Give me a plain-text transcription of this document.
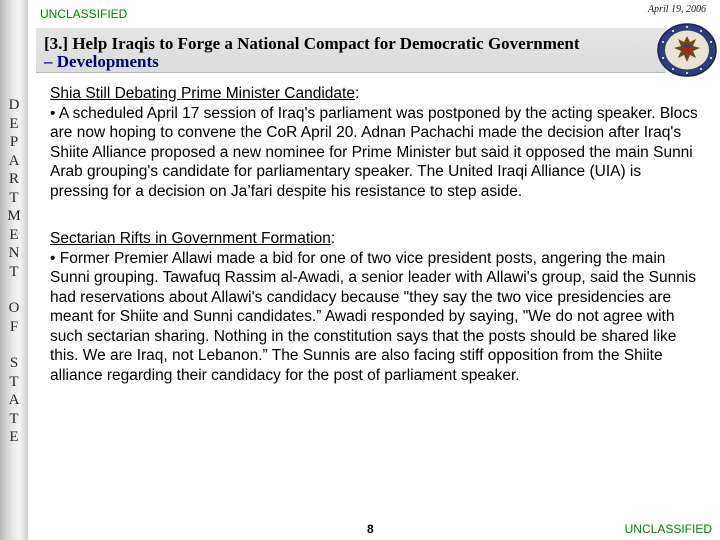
D
E
P
A
R
T
M
E
N
T
O
F
S
T
A
T
E
UNCLASSIFIED	April 19, 2006
[3.] Help Iraqis to Forge a National Compact for Democratic Government
– Developments
Shia Still Debating Prime Minister Candidate:
• A scheduled April 17 session of Iraq's parliament was postponed by the acting speaker. Blocs are now hoping to convene the CoR April 20. Adnan Pachachi made the decision after Iraq's Shiite Alliance proposed a new nominee for Prime Minister but said it opposed the main Sunni Arab grouping's candidate for parliamentary speaker. The United Iraqi Alliance (UIA) is pressing for a decision on Ja’fari despite his resistance to step aside.
Sectarian Rifts in Government Formation:
• Former Premier Allawi made a bid for one of two vice president posts, angering the main Sunni grouping. Tawafuq Rassim al-Awadi, a senior leader with Allawi's group, said the Sunnis had reservations about Allawi's candidacy because "they say the two vice presidencies are meant for Shiite and Sunni candidates.” Awadi responded by saying, "We do not agree with such sectarian sharing. Nothing in the constitution says that the posts should be shared like this. We are Iraq, not Lebanon.” The Sunnis are also facing stiff opposition from the Shiite alliance regarding their candidacy for the post of parliament speaker.
8	UNCLASSIFIED
